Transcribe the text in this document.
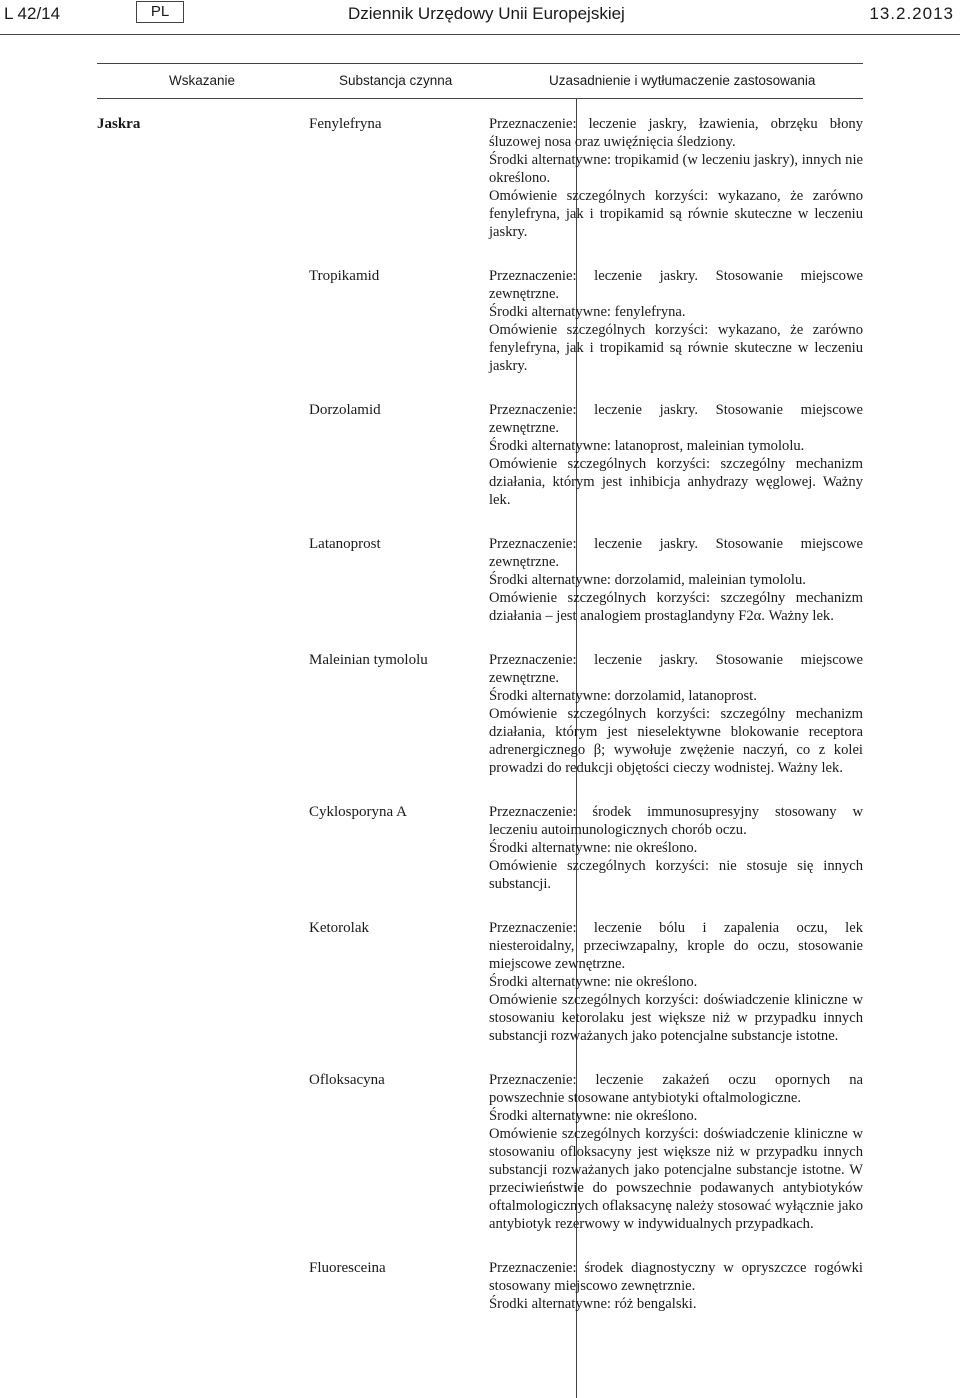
L 42/14	PL	Dziennik Urzędowy Unii Europejskiej	13.2.2013
Wskazanie	Substancja czynna	Uzasadnienie i wytłumaczenie zastosowania
Jaskra	Fenylefryna	Przeznaczenie: leczenie jaskry, łzawienia, obrzęku błony śluzowej nosa oraz uwięźnięcia śledziony.

Środki alternatywne: tropikamid (w leczeniu jaskry), innych nie określono.

Omówienie szczególnych korzyści: wykazano, że zarówno fenylefryna, jak i tropikamid są równie skuteczne w leczeniu jaskry.

Tropikamid	Przeznaczenie: leczenie jaskry. Stosowanie miejscowe zewnętrzne.

Środki alternatywne: fenylefryna.

Omówienie szczególnych korzyści: wykazano, że zarówno fenylefryna, jak i tropikamid są równie skuteczne w leczeniu jaskry.

Dorzolamid	Przeznaczenie: leczenie jaskry. Stosowanie miejscowe zewnętrzne.

Środki alternatywne: latanoprost, maleinian tymololu.

Omówienie szczególnych korzyści: szczególny mechanizm działania, którym jest inhibicja anhydrazy węglowej. Ważny lek.

Latanoprost	Przeznaczenie: leczenie jaskry. Stosowanie miejscowe zewnętrzne.

Środki alternatywne: dorzolamid, maleinian tymololu.

Omówienie szczególnych korzyści: szczególny mechanizm działania – jest analogiem prostaglandyny F2α. Ważny lek.

Maleinian tymololu	Przeznaczenie: leczenie jaskry. Stosowanie miejscowe zewnętrzne.

Środki alternatywne: dorzolamid, latanoprost.

Omówienie szczególnych korzyści: szczególny mechanizm działania, którym jest nieselektywne blokowanie receptora adrenergicznego β; wywołuje zwężenie naczyń, co z kolei prowadzi do redukcji objętości cieczy wodnistej. Ważny lek.

Cyklosporyna A	Przeznaczenie: środek immunosupresyjny stosowany w leczeniu autoimunologicznych chorób oczu.

Środki alternatywne: nie określono.

Omówienie szczególnych korzyści: nie stosuje się innych substancji.

Ketorolak	Przeznaczenie: leczenie bólu i zapalenia oczu, lek niesteroidalny, przeciwzapalny, krople do oczu, stosowanie miejscowe zewnętrzne.

Środki alternatywne: nie określono.

Omówienie szczególnych korzyści: doświadczenie kliniczne w stosowaniu ketorolaku jest większe niż w przypadku innych substancji rozważanych jako potencjalne substancje istotne.

Ofloksacyna	Przeznaczenie: leczenie zakażeń oczu opornych na powszechnie stosowane antybiotyki oftalmologiczne.

Środki alternatywne: nie określono.

Omówienie szczególnych korzyści: doświadczenie kliniczne w stosowaniu ofloksacyny jest większe niż w przypadku innych substancji rozważanych jako potencjalne substancje istotne. W przeciwieństwie do powszechnie podawanych antybiotyków oftalmologicznych oflaksacynę należy stosować wyłącznie jako antybiotyk rezerwowy w indywidualnych przypadkach.

Fluoresceina	Przeznaczenie: środek diagnostyczny w opryszczce rogówki stosowany miejscowo zewnętrznie.

Środki alternatywne: róż bengalski.
